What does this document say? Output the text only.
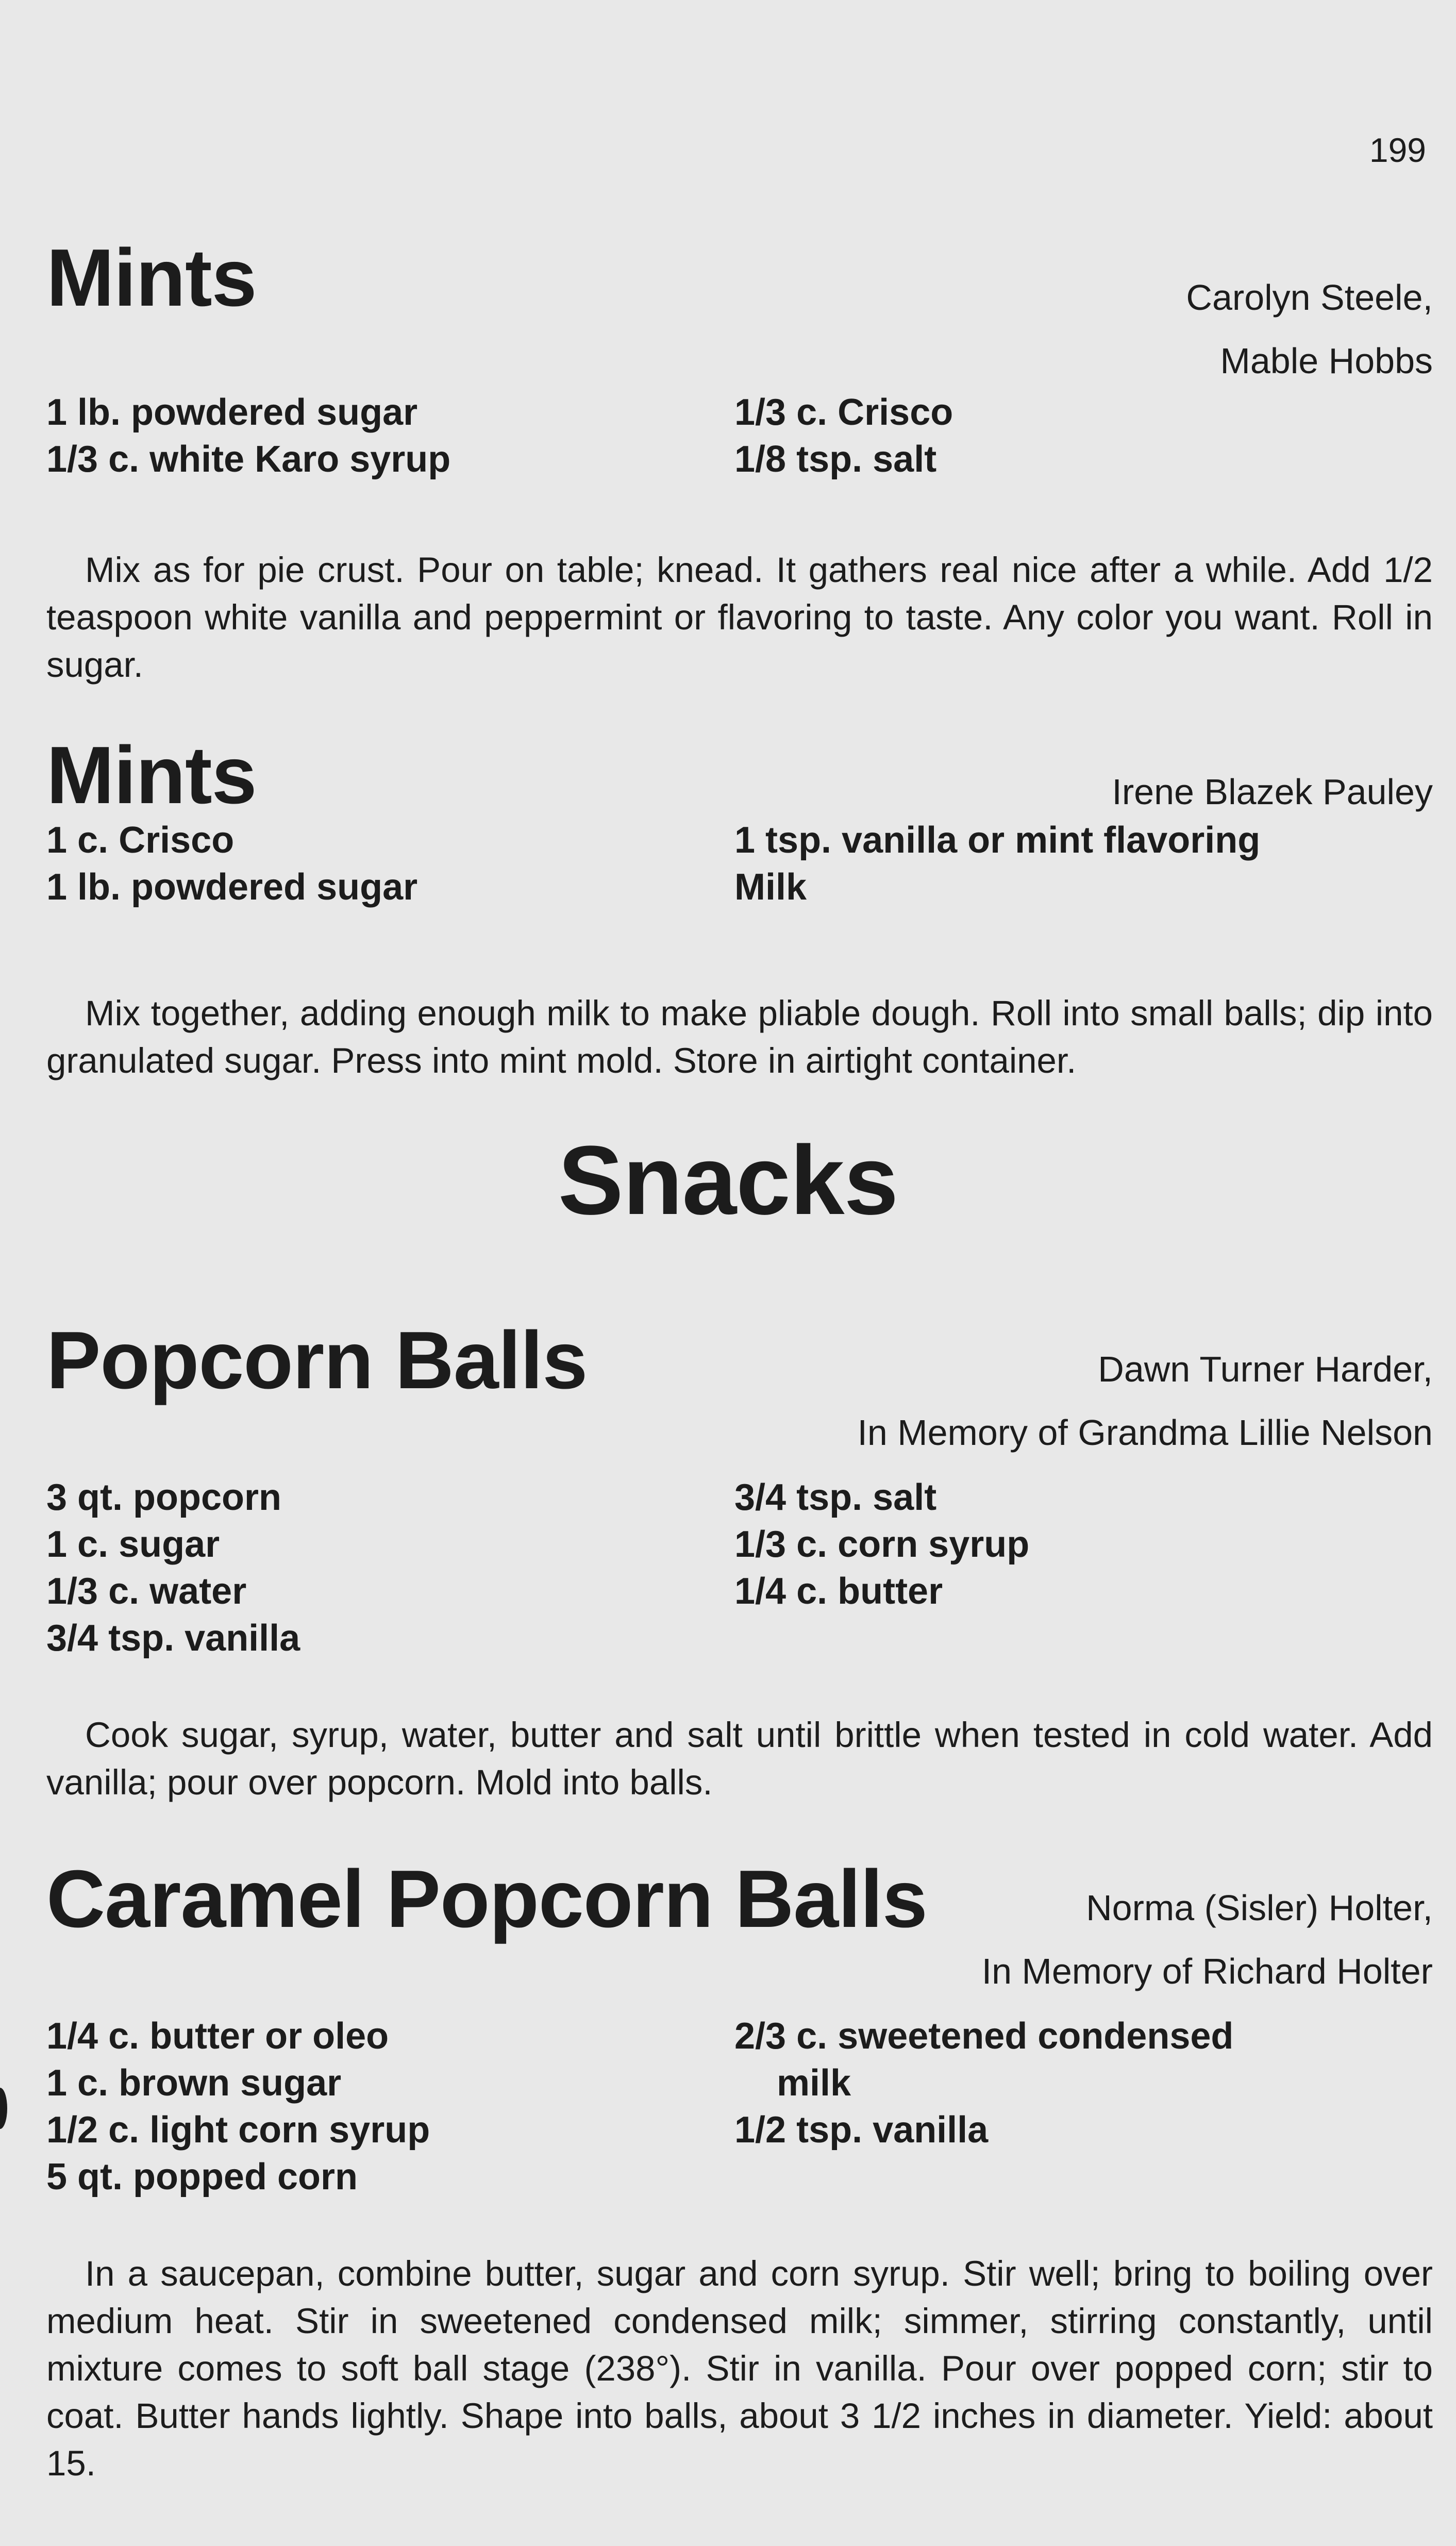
199
Mints	Carolyn Steele,
Mable Hobbs
1 lb. powdered sugar
1/3 c. white Karo syrup
1/3 c. Crisco
1/8 tsp. salt
Mix as for pie crust. Pour on table; knead. It gathers real nice after a while. Add 1/2 teaspoon white vanilla and peppermint or flavoring to taste. Any color you want. Roll in sugar.
Mints	Irene Blazek Pauley
1 c. Crisco
1 lb. powdered sugar
1 tsp. vanilla or mint flavoring
Milk
Mix together, adding enough milk to make pliable dough. Roll into small balls; dip into granulated sugar. Press into mint mold. Store in airtight container.
Snacks
Popcorn Balls	Dawn Turner Harder,
In Memory of Grandma Lillie Nelson
3 qt. popcorn
1 c. sugar
1/3 c. water
3/4 tsp. vanilla
3/4 tsp. salt
1/3 c. corn syrup
1/4 c. butter
Cook sugar, syrup, water, butter and salt until brittle when tested in cold water. Add vanilla; pour over popcorn. Mold into balls.
Caramel Popcorn Balls	Norma (Sisler) Holter,
In Memory of Richard Holter
1/4 c. butter or oleo
1 c. brown sugar
1/2 c. light corn syrup
5 qt. popped corn
2/3 c. sweetened condensed
milk
1/2 tsp. vanilla
In a saucepan, combine butter, sugar and corn syrup. Stir well; bring to boiling over medium heat. Stir in sweetened condensed milk; simmer, stirring constantly, until mixture comes to soft ball stage (238°). Stir in vanilla. Pour over popped corn; stir to coat. Butter hands lightly. Shape into balls, about 3 1/2 inches in diameter. Yield: about 15.
